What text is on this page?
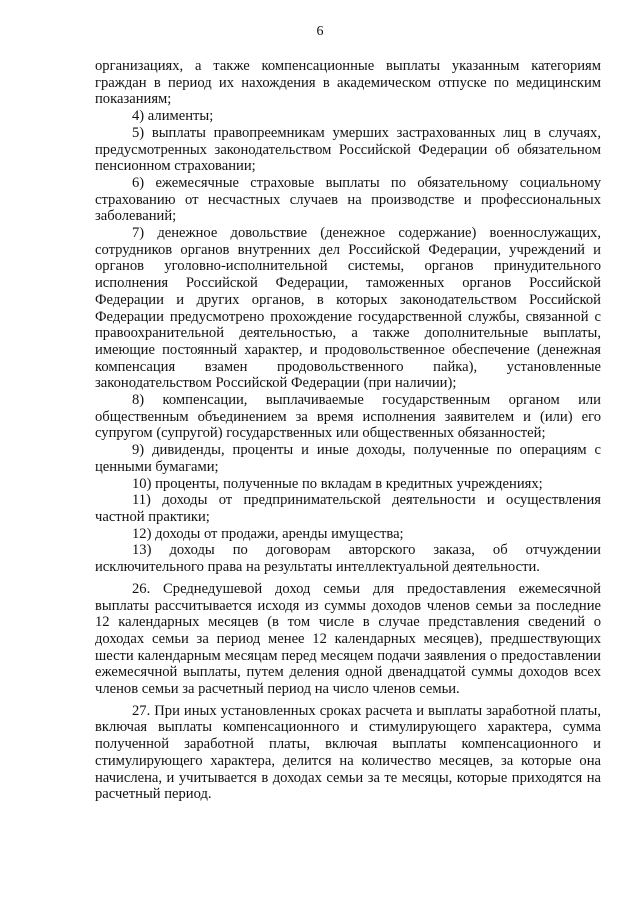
6

организациях, а также компенсационные выплаты указанным категориям граждан в период их нахождения в академическом отпуске по медицинским показаниям;

4) алименты;

5) выплаты правопреемникам умерших застрахованных лиц в случаях, предусмотренных законодательством Российской Федерации об обязательном пенсионном страховании;

6) ежемесячные страховые выплаты по обязательному социальному страхованию от несчастных случаев на производстве и профессиональных заболеваний;

7) денежное довольствие (денежное содержание) военнослужащих, сотрудников органов внутренних дел Российской Федерации, учреждений и органов уголовно-исполнительной системы, органов принудительного исполнения Российской Федерации, таможенных органов Российской Федерации и других органов, в которых законодательством Российской Федерации предусмотрено прохождение государственной службы, связанной с правоохранительной деятельностью, а также дополнительные выплаты, имеющие постоянный характер, и продовольственное обеспечение (денежная компенсация взамен продовольственного пайка), установленные законодательством Российской Федерации (при наличии);

8) компенсации, выплачиваемые государственным органом или общественным объединением за время исполнения заявителем и (или) его супругом (супругой) государственных или общественных обязанностей;

9) дивиденды, проценты и иные доходы, полученные по операциям с ценными бумагами;

10) проценты, полученные по вкладам в кредитных учреждениях;

11) доходы от предпринимательской деятельности и осуществления частной практики;

12) доходы от продажи, аренды имущества;

13) доходы по договорам авторского заказа, об отчуждении исключительного права на результаты интеллектуальной деятельности.

26. Среднедушевой доход семьи для предоставления ежемесячной выплаты рассчитывается исходя из суммы доходов членов семьи за последние 12 календарных месяцев (в том числе в случае представления сведений о доходах семьи за период менее 12 календарных месяцев), предшествующих шести календарным месяцам перед месяцем подачи заявления о предоставлении ежемесячной выплаты, путем деления одной двенадцатой суммы доходов всех членов семьи за расчетный период на число членов семьи.

27. При иных установленных сроках расчета и выплаты заработной платы, включая выплаты компенсационного и стимулирующего характера, сумма полученной заработной платы, включая выплаты компенсационного и стимулирующего характера, делится на количество месяцев, за которые она начислена, и учитывается в доходах семьи за те месяцы, которые приходятся на расчетный период.
